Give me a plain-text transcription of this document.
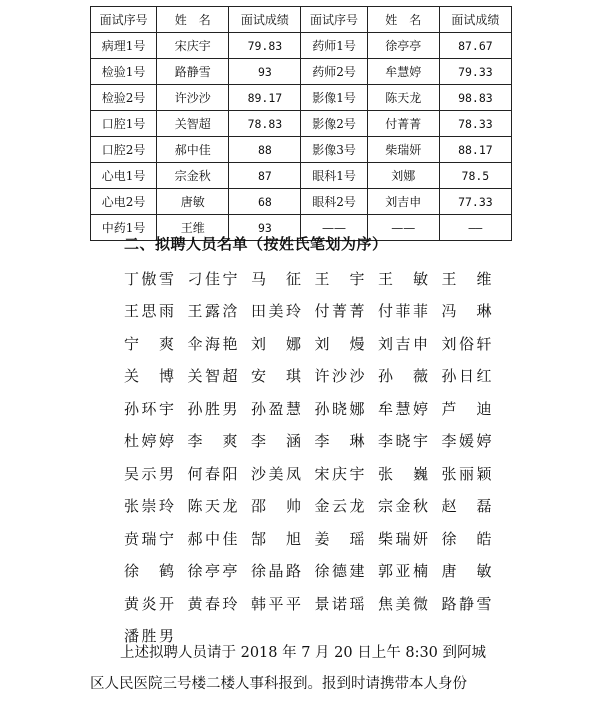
面试序号	姓　名	面试成绩	面试序号	姓　名	面试成绩
病理1号	宋庆宇	79.83	药师1号	徐亭亭	87.67
检验1号	路静雪	93	药师2号	牟慧婷	79.33
检验2号	许沙沙	89.17	影像1号	陈天龙	98.83
口腔1号	关智超	78.83	影像2号	付菁菁	78.33
口腔2号	郝中佳	88	影像3号	柴瑞妍	88.17
心电1号	宗金秋	87	眼科1号	刘娜	78.5
心电2号	唐敏	68	眼科2号	刘吉申	77.33
中药1号	王维	93	——	——	——
二、拟聘人员名单（按姓氏笔划为序）
丁傲雪 刁佳宁 马征 王宇 王敏 王维
王思雨 王露浛 田美玲 付菁菁 付菲菲 冯琳
宁爽 伞海艳 刘娜 刘熳 刘吉申 刘俗轩
关博 关智超 安琪 许沙沙 孙薇 孙日红
孙环宇 孙胜男 孙盈慧 孙晓娜 牟慧婷 芦迪
杜婷婷 李爽 李涵 李琳 李晓宇 李媛婷
吴示男 何春阳 沙美凤 宋庆宇 张巍 张丽颖
张崇玲 陈天龙 邵帅 金云龙 宗金秋 赵磊
贲瑞宁 郝中佳 郜旭 姜瑶 柴瑞妍 徐皓
徐鹤 徐亭亭 徐晶路 徐德建 郭亚楠 唐敏
黄炎开 黄春玲 韩平平 景诺瑶 焦美微 路静雪
潘胜男

上述拟聘人员请于 2018 年 7 月 20 日上午 8:30 到阿城

区人民医院三号楼二楼人事科报到。报到时请携带本人身份
